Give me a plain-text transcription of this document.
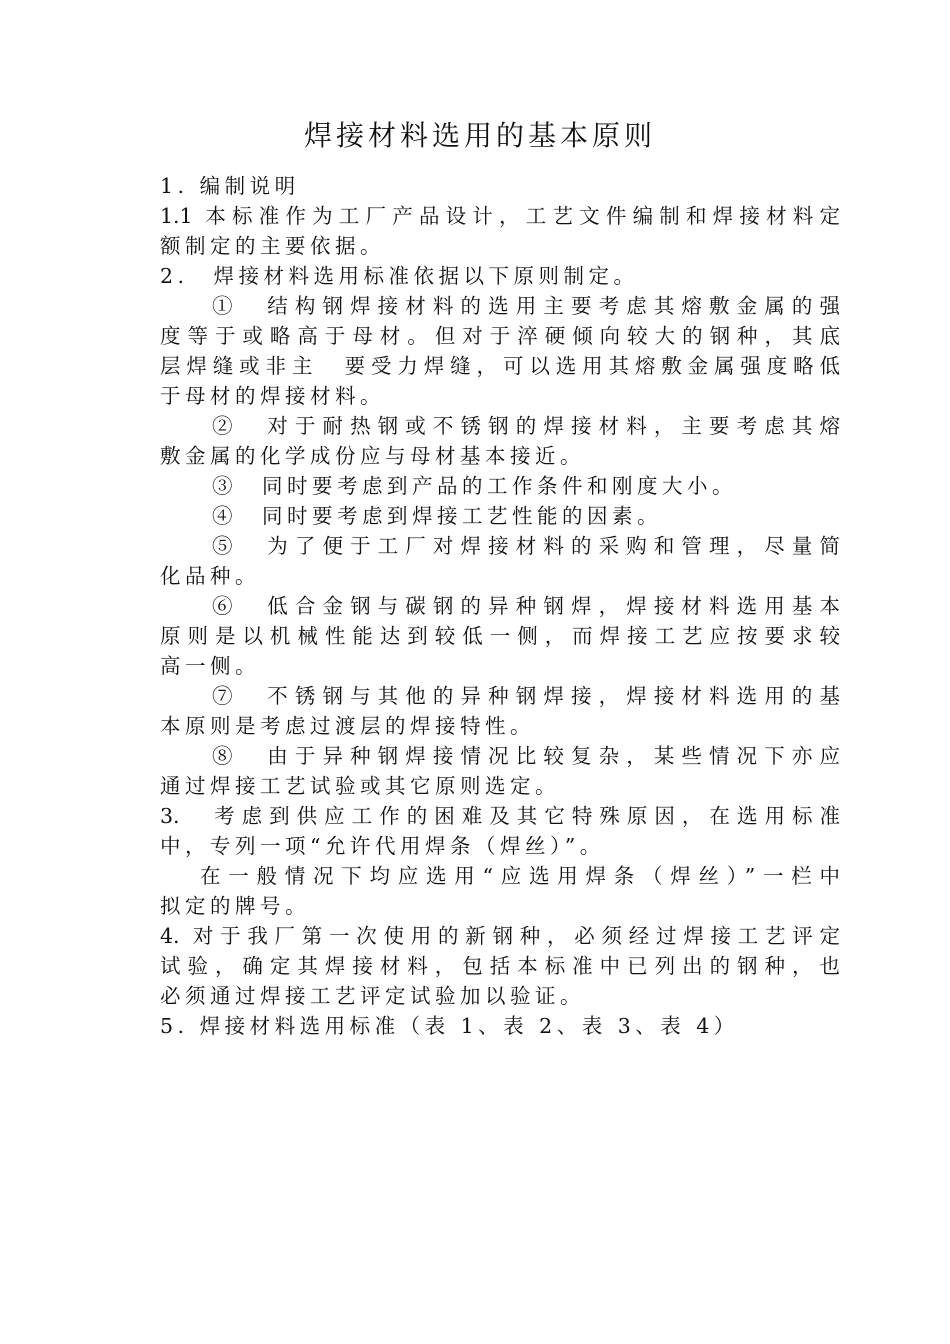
焊接材料选用的基本原则
1. 编制说明
1.1 本标准作为工厂产品设计，工艺文件编制和焊接材料定
额制定的主要依据。
2.　焊接材料选用标准依据以下原则制定。
①　结构钢焊接材料的选用主要考虑其熔敷金属的强
度等于或略高于母材。但对于淬硬倾向较大的钢种，其底
层焊缝或非主　要受力焊缝，可以选用其熔敷金属强度略低
于母材的焊接材料。
②　对于耐热钢或不锈钢的焊接材料，主要考虑其熔
敷金属的化学成份应与母材基本接近。
③　同时要考虑到产品的工作条件和刚度大小。
④　同时要考虑到焊接工艺性能的因素。
⑤　为了便于工厂对焊接材料的采购和管理，尽量简
化品种。
⑥　低合金钢与碳钢的异种钢焊，焊接材料选用基本
原则是以机械性能达到较低一侧，而焊接工艺应按要求较
高一侧。
⑦　不锈钢与其他的异种钢焊接，焊接材料选用的基
本原则是考虑过渡层的焊接特性。
⑧　由于异种钢焊接情况比较复杂，某些情况下亦应
通过焊接工艺试验或其它原则选定。
3.　考虑到供应工作的困难及其它特殊原因，在选用标准
中，专列一项“允许代用焊条（焊丝）”。
在一般情况下均应选用“应选用焊条（焊丝）”一栏中
拟定的牌号。
4. 对于我厂第一次使用的新钢种，必须经过焊接工艺评定
试验，确定其焊接材料，包括本标准中已列出的钢种，也
必须通过焊接工艺评定试验加以验证。
5. 焊接材料选用标准（表 1、表 2、表 3、表 4）
